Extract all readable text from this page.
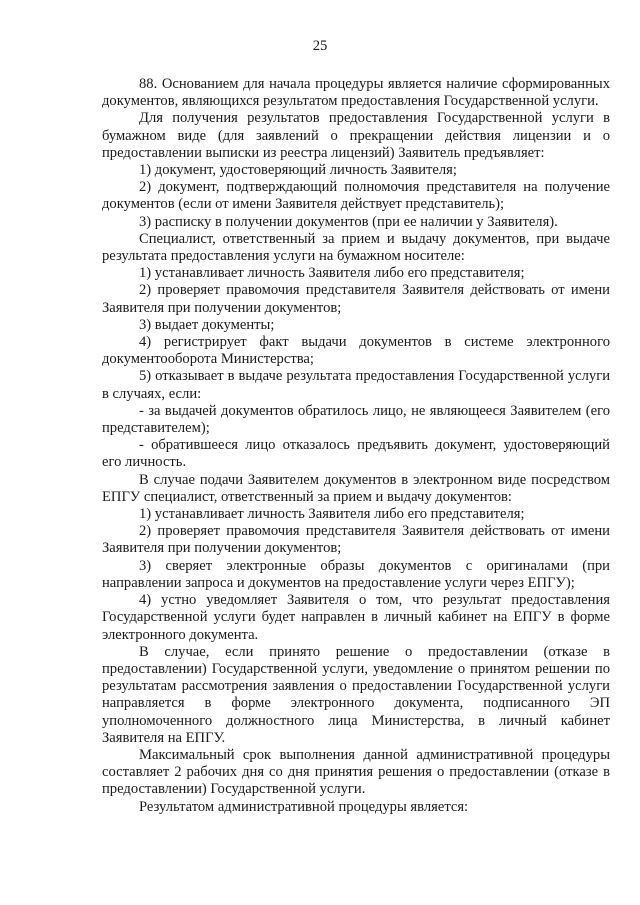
25

88. Основанием для начала процедуры является наличие сформированных документов, являющихся результатом предоставления Государственной услуги.

Для получения результатов предоставления Государственной услуги в бумажном виде (для заявлений о прекращении действия лицензии и о предоставлении выписки из реестра лицензий) Заявитель предъявляет:

1) документ, удостоверяющий личность Заявителя;

2) документ, подтверждающий полномочия представителя на получение документов (если от имени Заявителя действует представитель);

3) расписку в получении документов (при ее наличии у Заявителя).

Специалист, ответственный за прием и выдачу документов, при выдаче результата предоставления услуги на бумажном носителе:

1) устанавливает личность Заявителя либо его представителя;

2) проверяет правомочия представителя Заявителя действовать от имени Заявителя при получении документов;

3) выдает документы;

4) регистрирует факт выдачи документов в системе электронного документооборота Министерства;

5) отказывает в выдаче результата предоставления Государственной услуги в случаях, если:

- за выдачей документов обратилось лицо, не являющееся Заявителем (его представителем);

- обратившееся лицо отказалось предъявить документ, удостоверяющий его личность.

В случае подачи Заявителем документов в электронном виде посредством ЕПГУ специалист, ответственный за прием и выдачу документов:

1) устанавливает личность Заявителя либо его представителя;

2) проверяет правомочия представителя Заявителя действовать от имени Заявителя при получении документов;

3) сверяет электронные образы документов с оригиналами (при направлении запроса и документов на предоставление услуги через ЕПГУ);

4) устно уведомляет Заявителя о том, что результат предоставления Государственной услуги будет направлен в личный кабинет на ЕПГУ в форме электронного документа.

В случае, если принято решение о предоставлении (отказе в предоставлении) Государственной услуги, уведомление о принятом решении по результатам рассмотрения заявления о предоставлении Государственной услуги направляется в форме электронного документа, подписанного ЭП уполномоченного должностного лица Министерства, в личный кабинет Заявителя на ЕПГУ.

Максимальный срок выполнения данной административной процедуры составляет 2 рабочих дня со дня принятия решения о предоставлении (отказе в предоставлении) Государственной услуги.

Результатом административной процедуры является:
